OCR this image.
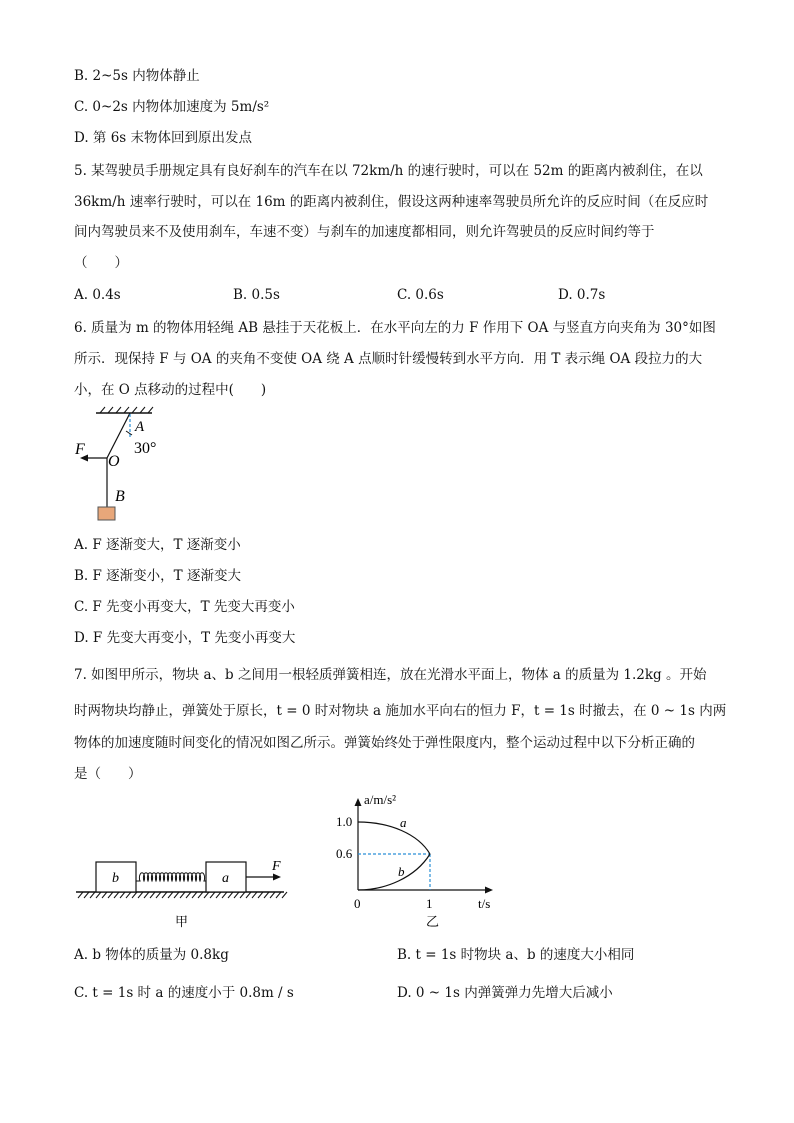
B. 2~5s 内物体静止
C. 0~2s 内物体加速度为 5m/s²
D. 第 6s 末物体回到原出发点
5. 某驾驶员手册规定具有良好刹车的汽车在以 72km/h 的速行驶时，可以在 52m 的距离内被刹住，在以
36km/h 速率行驶时，可以在 16m 的距离内被刹住，假设这两种速率驾驶员所允许的反应时间（在反应时
间内驾驶员来不及使用刹车，车速不变）与刹车的加速度都相同，则允许驾驶员的反应时间约等于
（　　）
A. 0.4s	B. 0.5s	C. 0.6s	D. 0.7s
6. 质量为 m 的物体用轻绳 AB 悬挂于天花板上．在水平向左的力 F 作用下 OA 与竖直方向夹角为 30°如图
所示．现保持 F 与 OA 的夹角不变使 OA 绕 A 点顺时针缓慢转到水平方向．用 T 表示绳 OA 段拉力的大
小，在 O 点移动的过程中(　　)
A
30°
F
O
B
A. F 逐渐变大，T 逐渐变小
B. F 逐渐变小，T 逐渐变大
C. F 先变小再变大，T 先变大再变小
D. F 先变大再变小，T 先变小再变大
7. 如图甲所示，物块 a、b 之间用一根轻质弹簧相连，放在光滑水平面上，物体 a 的质量为 1.2kg 。开始
时两物块均静止，弹簧处于原长，t = 0 时对物块 a 施加水平向右的恒力 F，t = 1s 时撤去，在 0 ~ 1s 内两
物体的加速度随时间变化的情况如图乙所示。弹簧始终处于弹性限度内，整个运动过程中以下分析正确的
是（　　）
b	a
F
甲
a/m/s²
t/s
1.0
0.6
0	1
a
b
乙
A. b 物体的质量为 0.8kg	B. t = 1s 时物块 a、b 的速度大小相同
C. t = 1s 时 a 的速度小于 0.8m / s	D. 0 ~ 1s 内弹簧弹力先增大后减小
